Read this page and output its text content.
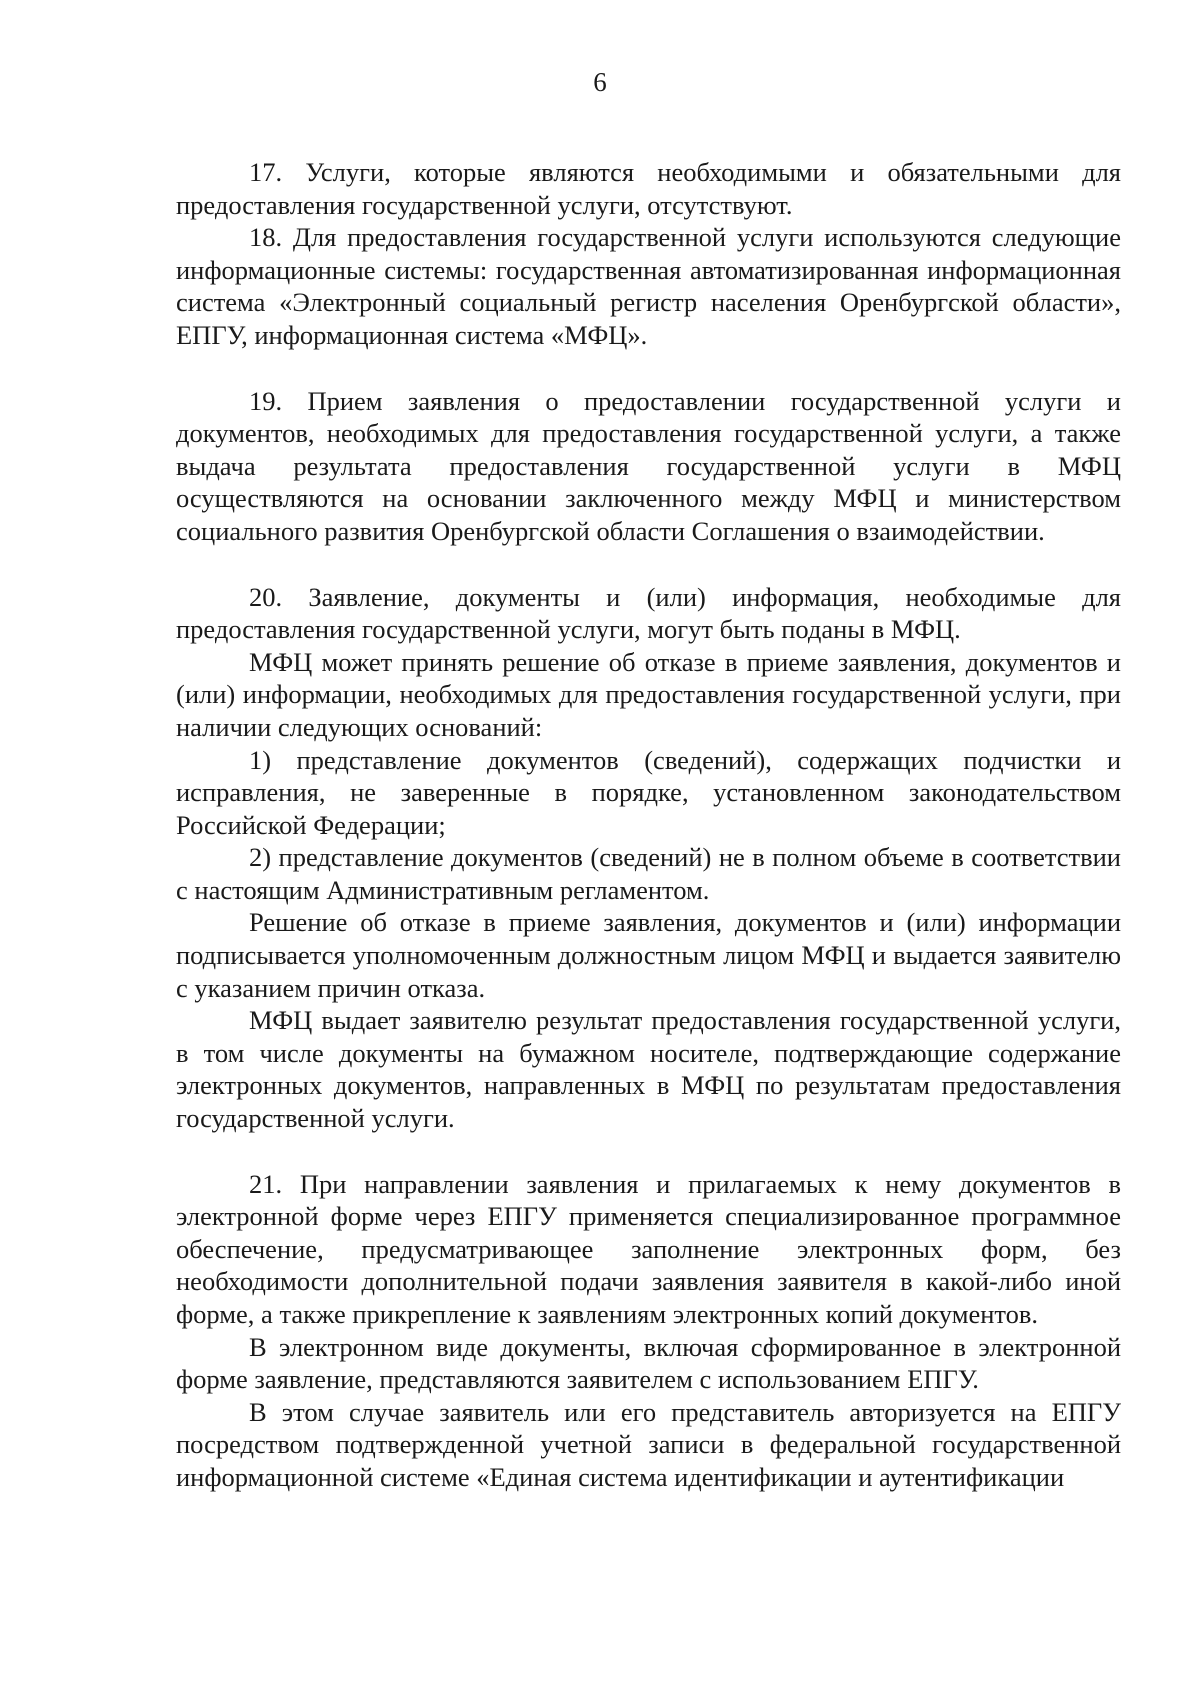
6

17. Услуги, которые являются необходимыми и обязательными для предоставления государственной услуги, отсутствуют.

18. Для предоставления государственной услуги используются следующие информационные системы: государственная автоматизированная информационная система «Электронный социальный регистр населения Оренбургской области», ЕПГУ, информационная система «МФЦ».

19. Прием заявления о предоставлении государственной услуги и документов, необходимых для предоставления государственной услуги, а также выдача результата предоставления государственной услуги в МФЦ осуществляются на основании заключенного между МФЦ и министерством социального развития Оренбургской области Соглашения о взаимодействии.

20. Заявление, документы и (или) информация, необходимые для предоставления государственной услуги, могут быть поданы в МФЦ.

МФЦ может принять решение об отказе в приеме заявления, документов и (или) информации, необходимых для предоставления государственной услуги, при наличии следующих оснований:

1) представление документов (сведений), содержащих подчистки и исправления, не заверенные в порядке, установленном законодательством Российской Федерации;

2) представление документов (сведений) не в полном объеме в соответствии с настоящим Административным регламентом.

Решение об отказе в приеме заявления, документов и (или) информации подписывается уполномоченным должностным лицом МФЦ и выдается заявителю с указанием причин отказа.

МФЦ выдает заявителю результат предоставления государственной услуги, в том числе документы на бумажном носителе, подтверждающие содержание электронных документов, направленных в МФЦ по результатам предоставления государственной услуги.

21. При направлении заявления и прилагаемых к нему документов в электронной форме через ЕПГУ применяется специализированное программное обеспечение, предусматривающее заполнение электронных форм, без необходимости дополнительной подачи заявления заявителя в какой-либо иной форме, а также прикрепление к заявлениям электронных копий документов.

В электронном виде документы, включая сформированное в электронной форме заявление, представляются заявителем с использованием ЕПГУ.

В этом случае заявитель или его представитель авторизуется на ЕПГУ посредством подтвержденной учетной записи в федеральной государственной информационной системе «Единая система идентификации и аутентификации
